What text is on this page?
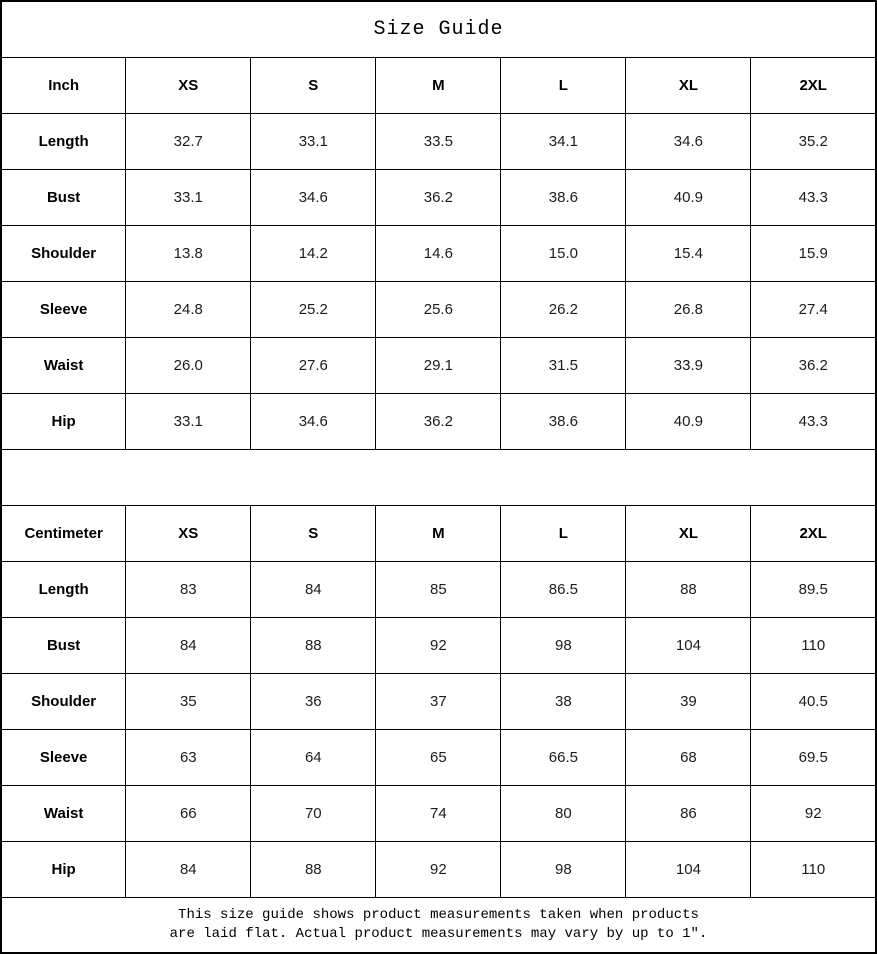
Size Guide						
Inch	XS	S	M	L	XL	2XL
Length	32.7	33.1	33.5	34.1	34.6	35.2
Bust	33.1	34.6	36.2	38.6	40.9	43.3
Shoulder	13.8	14.2	14.6	15.0	15.4	15.9
Sleeve	24.8	25.2	25.6	26.2	26.8	27.4
Waist	26.0	27.6	29.1	31.5	33.9	36.2
Hip	33.1	34.6	36.2	38.6	40.9	43.3

Centimeter	XS	S	M	L	XL	2XL
Length	83	84	85	86.5	88	89.5
Bust	84	88	92	98	104	110
Shoulder	35	36	37	38	39	40.5
Sleeve	63	64	65	66.5	68	69.5
Waist	66	70	74	80	86	92
Hip	84	88	92	98	104	110

This size guide shows product measurements taken when products
are laid flat. Actual product measurements may vary by up to 1″.						
